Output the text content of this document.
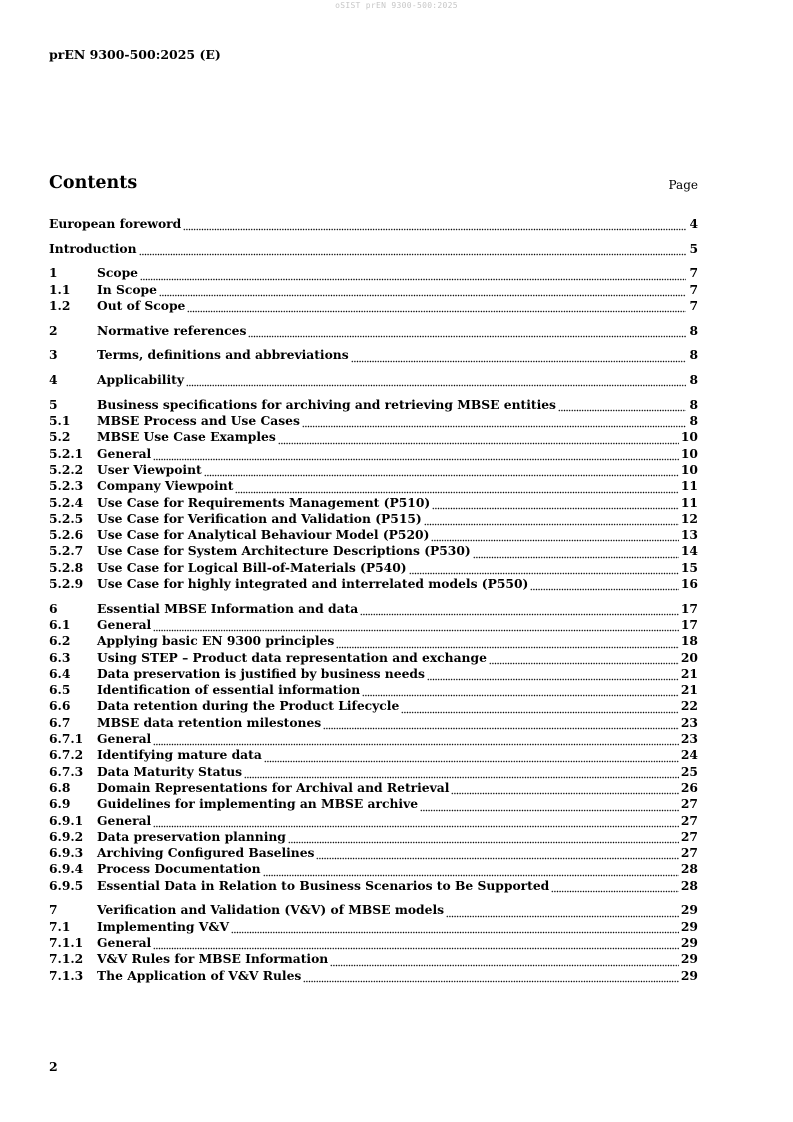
oSIST prEN 9300-500:2025
prEN 9300-500:2025 (E)
Contents	Page
European foreword	4
Introduction	5
1	Scope	7
1.1	In Scope	7
1.2	Out of Scope	7
2	Normative references	8
3	Terms, definitions and abbreviations	8
4	Applicability	8
5	Business specifications for archiving and retrieving MBSE entities	8
5.1	MBSE Process and Use Cases	8
5.2	MBSE Use Case Examples	10
5.2.1	General	10
5.2.2	User Viewpoint	10
5.2.3	Company Viewpoint	11
5.2.4	Use Case for Requirements Management (P510)	11
5.2.5	Use Case for Verification and Validation (P515)	12
5.2.6	Use Case for Analytical Behaviour Model (P520)	13
5.2.7	Use Case for System Architecture Descriptions (P530)	14
5.2.8	Use Case for Logical Bill-of-Materials (P540)	15
5.2.9	Use Case for highly integrated and interrelated models (P550)	16
6	Essential MBSE Information and data	17
6.1	General	17
6.2	Applying basic EN 9300 principles	18
6.3	Using STEP – Product data representation and exchange	20
6.4	Data preservation is justified by business needs	21
6.5	Identification of essential information	21
6.6	Data retention during the Product Lifecycle	22
6.7	MBSE data retention milestones	23
6.7.1	General	23
6.7.2	Identifying mature data	24
6.7.3	Data Maturity Status	25
6.8	Domain Representations for Archival and Retrieval	26
6.9	Guidelines for implementing an MBSE archive	27
6.9.1	General	27
6.9.2	Data preservation planning	27
6.9.3	Archiving Configured Baselines	27
6.9.4	Process Documentation	28
6.9.5	Essential Data in Relation to Business Scenarios to Be Supported	28
7	Verification and Validation (V&V) of MBSE models	29
7.1	Implementing V&V	29
7.1.1	General	29
7.1.2	V&V Rules for MBSE Information	29
7.1.3	The Application of V&V Rules	29
2
